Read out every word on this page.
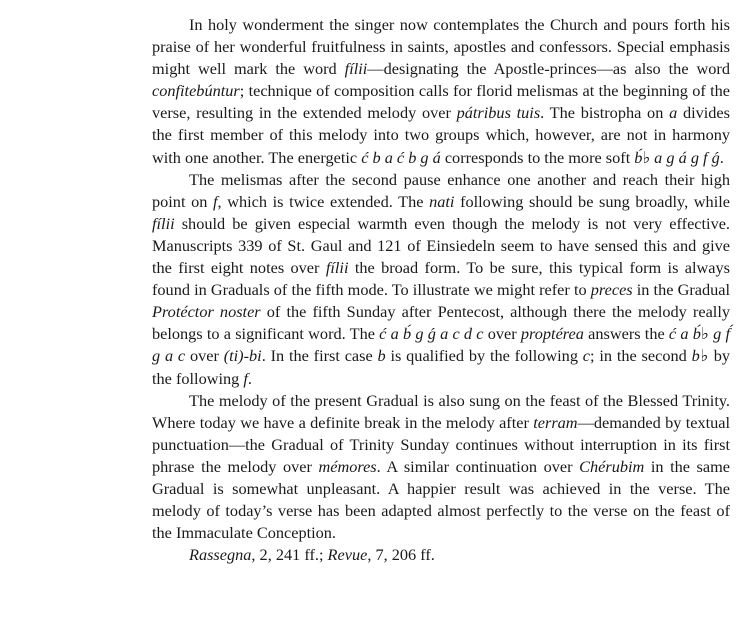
In holy wonderment the singer now contemplates the Church and pours forth his praise of her wonderful fruitfulness in saints, apostles and confessors. Special emphasis might well mark the word fílii—designating the Apostle-princes—as also the word confitebúntur; technique of composition calls for florid melismas at the beginning of the verse, resulting in the extended melody over pátribus tuis. The bistropha on a divides the first member of this melody into two groups which, however, are not in harmony with one another. The energetic ć b a ć b g á corresponds to the more soft b́♭ a g á g f ǵ.

The melismas after the second pause enhance one another and reach their high point on f, which is twice extended. The nati following should be sung broadly, while fílii should be given especial warmth even though the melody is not very effective. Manuscripts 339 of St. Gaul and 121 of Einsiedeln seem to have sensed this and give the first eight notes over fílii the broad form. To be sure, this typical form is always found in Graduals of the fifth mode. To illustrate we might refer to preces in the Gradual Protéctor noster of the fifth Sunday after Pentecost, although there the melody really belongs to a significant word. The ć a b́ g ǵ a c d c over proptérea answers the ć a b́♭ g f́ g a c over (ti)-bi. In the first case b is qualified by the following c; in the second b♭ by the following f.

The melody of the present Gradual is also sung on the feast of the Blessed Trinity. Where today we have a definite break in the melody after terram—demanded by textual punctuation—the Gradual of Trinity Sunday continues without interruption in its first phrase the melody over mémores. A similar continuation over Chérubim in the same Gradual is somewhat unpleasant. A happier result was achieved in the verse. The melody of today’s verse has been adapted almost perfectly to the verse on the feast of the Immaculate Conception.

Rassegna, 2, 241 ff.; Revue, 7, 206 ff.
